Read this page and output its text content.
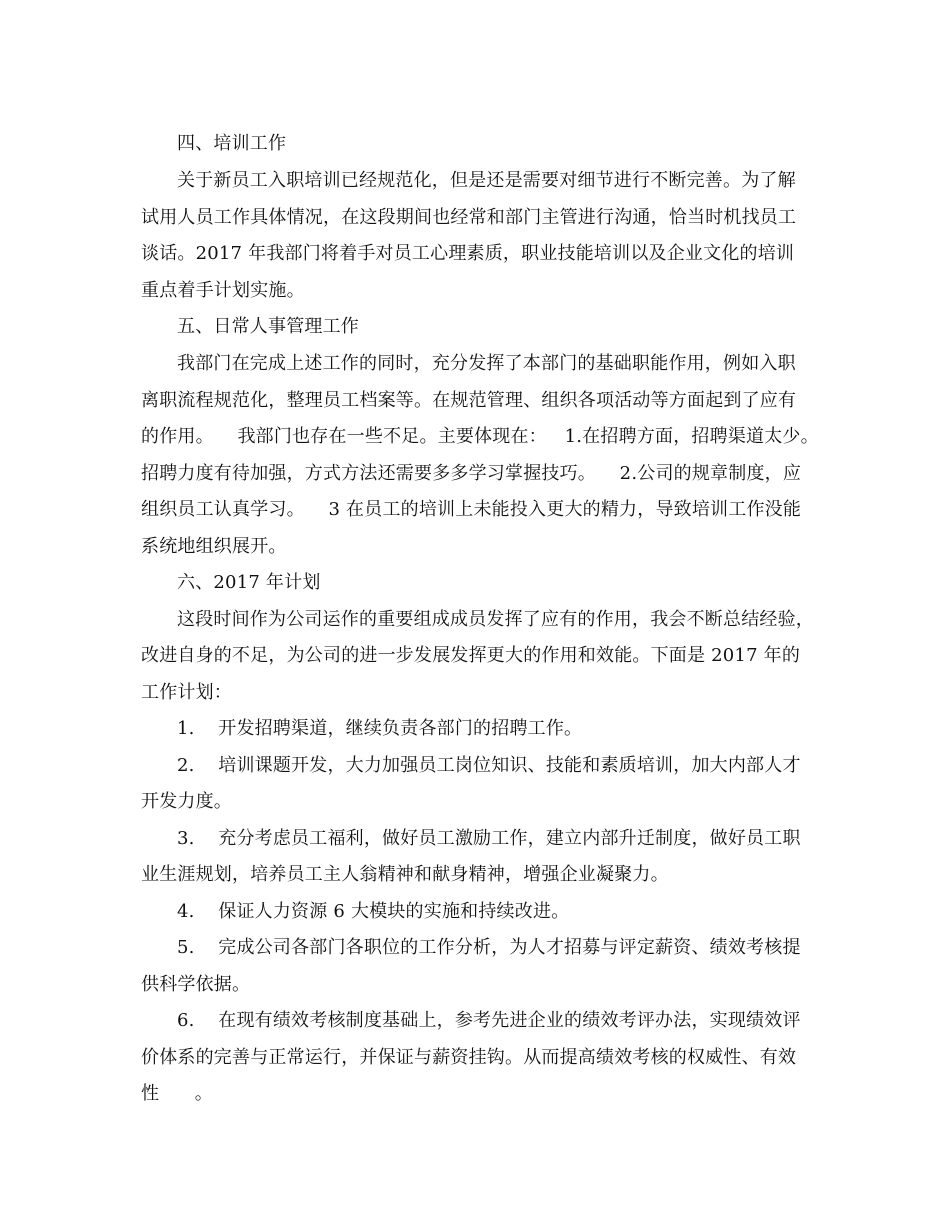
四、培训工作
关于新员工入职培训已经规范化，但是还是需要对细节进行不断完善。为了解
试用人员工作具体情况，在这段期间也经常和部门主管进行沟通，恰当时机找员工
谈话。2017 年我部门将着手对员工心理素质，职业技能培训以及企业文化的培训
重点着手计划实施。
五、日常人事管理工作
我部门在完成上述工作的同时，充分发挥了本部门的基础职能作用，例如入职
离职流程规范化，整理员工档案等。在规范管理、组织各项活动等方面起到了应有
的作用。    我部门也存在一些不足。主要体现在：   1.在招聘方面，招聘渠道太少。
招聘力度有待加强，方式方法还需要多多学习掌握技巧。    2.公司的规章制度，应
组织员工认真学习。    3 在员工的培训上未能投入更大的精力，导致培训工作没能
系统地组织展开。
六、2017 年计划
这段时间作为公司运作的重要组成成员发挥了应有的作用，我会不断总结经验，
改进自身的不足，为公司的进一步发展发挥更大的作用和效能。下面是 2017 年的
工作计划：
1.    开发招聘渠道，继续负责各部门的招聘工作。
2.    培训课题开发，大力加强员工岗位知识、技能和素质培训，加大内部人才
开发力度。
3.    充分考虑员工福利，做好员工激励工作，建立内部升迁制度，做好员工职
业生涯规划，培养员工主人翁精神和献身精神，增强企业凝聚力。
4.    保证人力资源 6 大模块的实施和持续改进。
5.    完成公司各部门各职位的工作分析，为人才招募与评定薪资、绩效考核提
供科学依据。
6.    在现有绩效考核制度基础上，参考先进企业的绩效考评办法，实现绩效评
价体系的完善与正常运行，并保证与薪资挂钩。从而提高绩效考核的权威性、有效
性      。
